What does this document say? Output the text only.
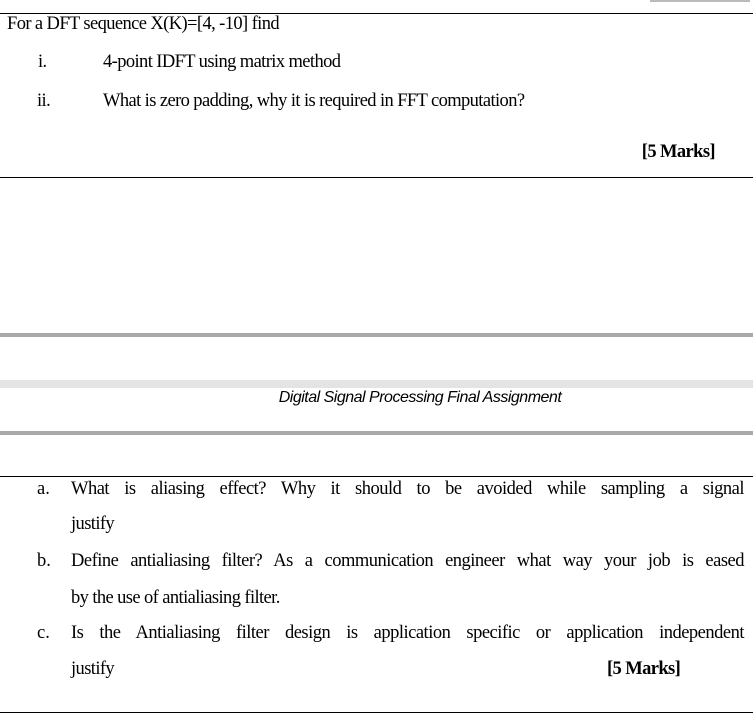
For a DFT sequence X(K)=[4, -10] find
i.	4-point IDFT using matrix method
ii.	What is zero padding, why it is required in FFT computation?
[5 Marks]
Digital Signal Processing Final Assignment
a. What is aliasing effect? Why it should to be avoided while sampling a signal
justify
b. Define antialiasing filter? As a communication engineer what way your job is eased
by the use of antialiasing filter.
c. Is the Antialiasing filter design is application specific or application independent
justify	[5 Marks]
